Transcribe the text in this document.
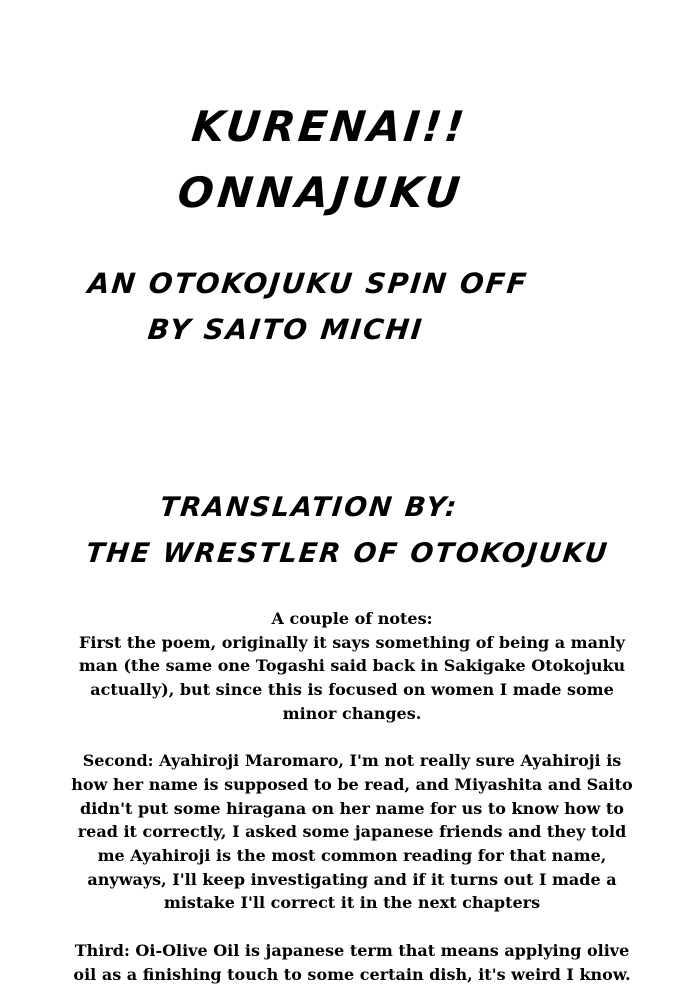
KURENAI!!
ONNAJUKU
AN OTOKOJUKU SPIN OFF
BY SAITO MICHI
TRANSLATION BY:
THE WRESTLER OF OTOKOJUKU

A couple of notes:

First the poem, originally it says something of being a manly man (the same one Togashi said back in Sakigake Otokojuku actually), but since this is focused on women I made some minor changes.

Second: Ayahiroji Maromaro, I'm not really sure Ayahiroji is how her name is supposed to be read, and Miyashita and Saito didn't put some hiragana on her name for us to know how to read it correctly, I asked some japanese friends and they told me Ayahiroji is the most common reading for that name, anyways, I'll keep investigating and if it turns out I made a mistake I'll correct it in the next chapters

Third: Oi-Olive Oil is japanese term that means applying olive oil as a finishing touch to some certain dish, it's weird I know.
